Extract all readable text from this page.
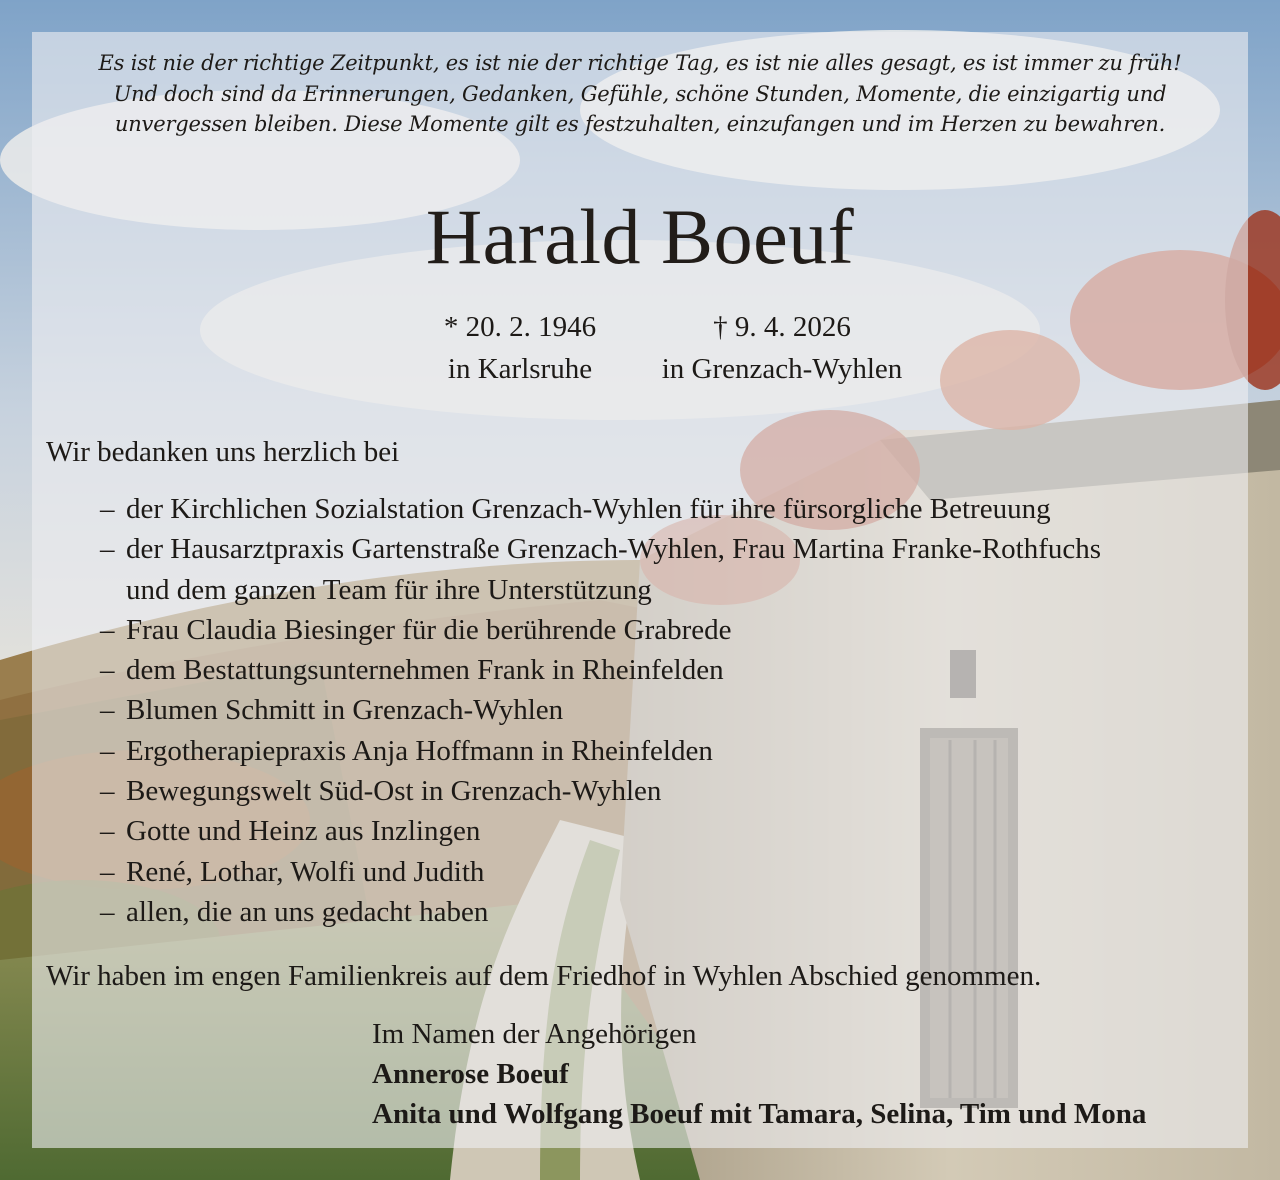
Es ist nie der richtige Zeitpunkt, es ist nie der richtige Tag, es ist nie alles gesagt, es ist immer zu früh!
Und doch sind da Erinnerungen, Gedanken, Gefühle, schöne Stunden, Momente, die einzigartig und
unvergessen bleiben. Diese Momente gilt es festzuhalten, einzufangen und im Herzen zu bewahren.
Harald Boeuf
* 20. 2. 1946
in Karlsruhe
† 9. 4. 2026
in Grenzach-Wyhlen
Wir bedanken uns herzlich bei
– der Kirchlichen Sozialstation Grenzach-Wyhlen für ihre fürsorgliche Betreuung
– der Hausarztpraxis Gartenstraße Grenzach-Wyhlen, Frau Martina Franke-Rothfuchs
und dem ganzen Team für ihre Unterstützung
– Frau Claudia Biesinger für die berührende Grabrede
– dem Bestattungsunternehmen Frank in Rheinfelden
– Blumen Schmitt in Grenzach-Wyhlen
– Ergotherapiepraxis Anja Hoffmann in Rheinfelden
– Bewegungswelt Süd-Ost in Grenzach-Wyhlen
– Gotte und Heinz aus Inzlingen
– René, Lothar, Wolfi und Judith
– allen, die an uns gedacht haben
Wir haben im engen Familienkreis auf dem Friedhof in Wyhlen Abschied genommen.
Im Namen der Angehörigen
Annerose Boeuf
Anita und Wolfgang Boeuf mit Tamara, Selina, Tim und Mona
